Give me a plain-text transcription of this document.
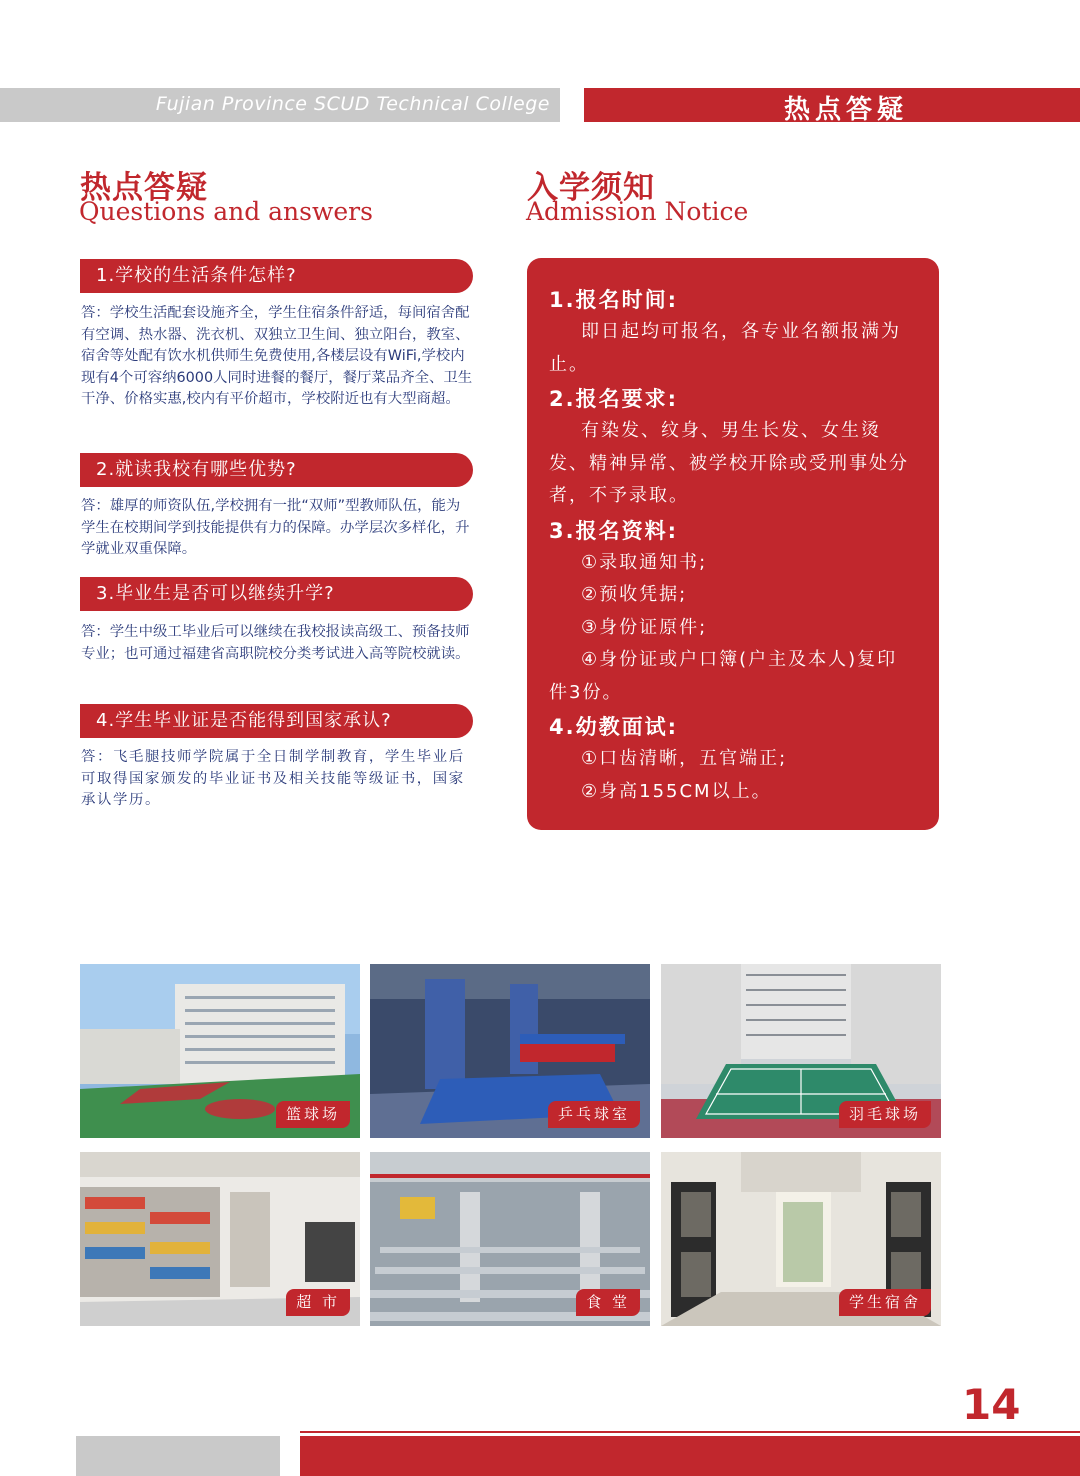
Fujian Province SCUD Technical College	热点答疑
热点答疑
Questions and answers
入学须知
Admission Notice
1.学校的生活条件怎样?
答：学校生活配套设施齐全，学生住宿条件舒适，每间宿舍配有空调、热水器、洗衣机、双独立卫生间、独立阳台，教室、宿舍等处配有饮水机供师生免费使用,各楼层设有WiFi,学校内现有4个可容纳6000人同时进餐的餐厅，餐厅菜品齐全、卫生干净、价格实惠,校内有平价超市，学校附近也有大型商超。
2.就读我校有哪些优势?
答：雄厚的师资队伍,学校拥有一批“双师”型教师队伍，能为学生在校期间学到技能提供有力的保障。办学层次多样化，升学就业双重保障。
3.毕业生是否可以继续升学?
答：学生中级工毕业后可以继续在我校报读高级工、预备技师专业；也可通过福建省高职院校分类考试进入高等院校就读。
4.学生毕业证是否能得到国家承认?
答：飞毛腿技师学院属于全日制学制教育，学生毕业后可取得国家颁发的毕业证书及相关技能等级证书，国家承认学历。
1.报名时间:
即日起均可报名，各专业名额报满为止。
2.报名要求:
有染发、纹身、男生长发、女生烫发、精神异常、被学校开除或受刑事处分者，不予录取。
3.报名资料:
①录取通知书;
②预收凭据;
③身份证原件;
④身份证或户口簿(户主及本人)复印件3份。
4.幼教面试:
①口齿清晰，五官端正;
②身高155CM以上。
篮球场	乒乓球室	羽毛球场
超 市	食 堂	学生宿舍
14
